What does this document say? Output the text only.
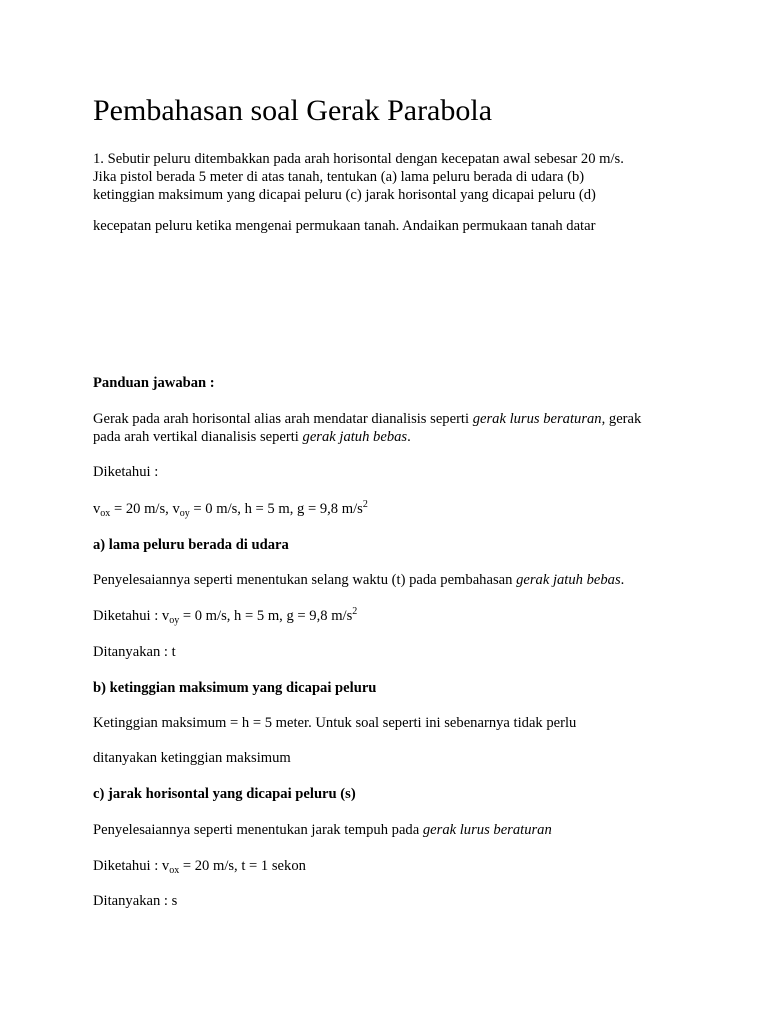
Pembahasan soal Gerak Parabola
1. Sebutir peluru ditembakkan pada arah horisontal dengan kecepatan awal sebesar 20 m/s.
Jika pistol berada 5 meter di atas tanah, tentukan (a) lama peluru berada di udara (b)
ketinggian maksimum yang dicapai peluru (c) jarak horisontal yang dicapai peluru (d)
kecepatan peluru ketika mengenai permukaan tanah. Andaikan permukaan tanah datar
Panduan jawaban :
Gerak pada arah horisontal alias arah mendatar dianalisis seperti gerak lurus beraturan, gerak
pada arah vertikal dianalisis seperti gerak jatuh bebas.
Diketahui :
$v_{ox} = 20$ m/s, $v_{oy} = 0$ m/s, h = 5 m, g = 9,8 $m/s^2$
a) lama peluru berada di udara
Penyelesaiannya seperti menentukan selang waktu (t) pada pembahasan gerak jatuh bebas.
Diketahui : $v_{oy} = 0$ m/s, h = 5 m, g = 9,8 $m/s^2$
Ditanyakan : t
b) ketinggian maksimum yang dicapai peluru
Ketinggian maksimum = h = 5 meter. Untuk soal seperti ini sebenarnya tidak perlu
ditanyakan ketinggian maksimum
c) jarak horisontal yang dicapai peluru (s)
Penyelesaiannya seperti menentukan jarak tempuh pada gerak lurus beraturan
Diketahui : $v_{ox} = 20$ m/s, t = 1 sekon
Ditanyakan : s
